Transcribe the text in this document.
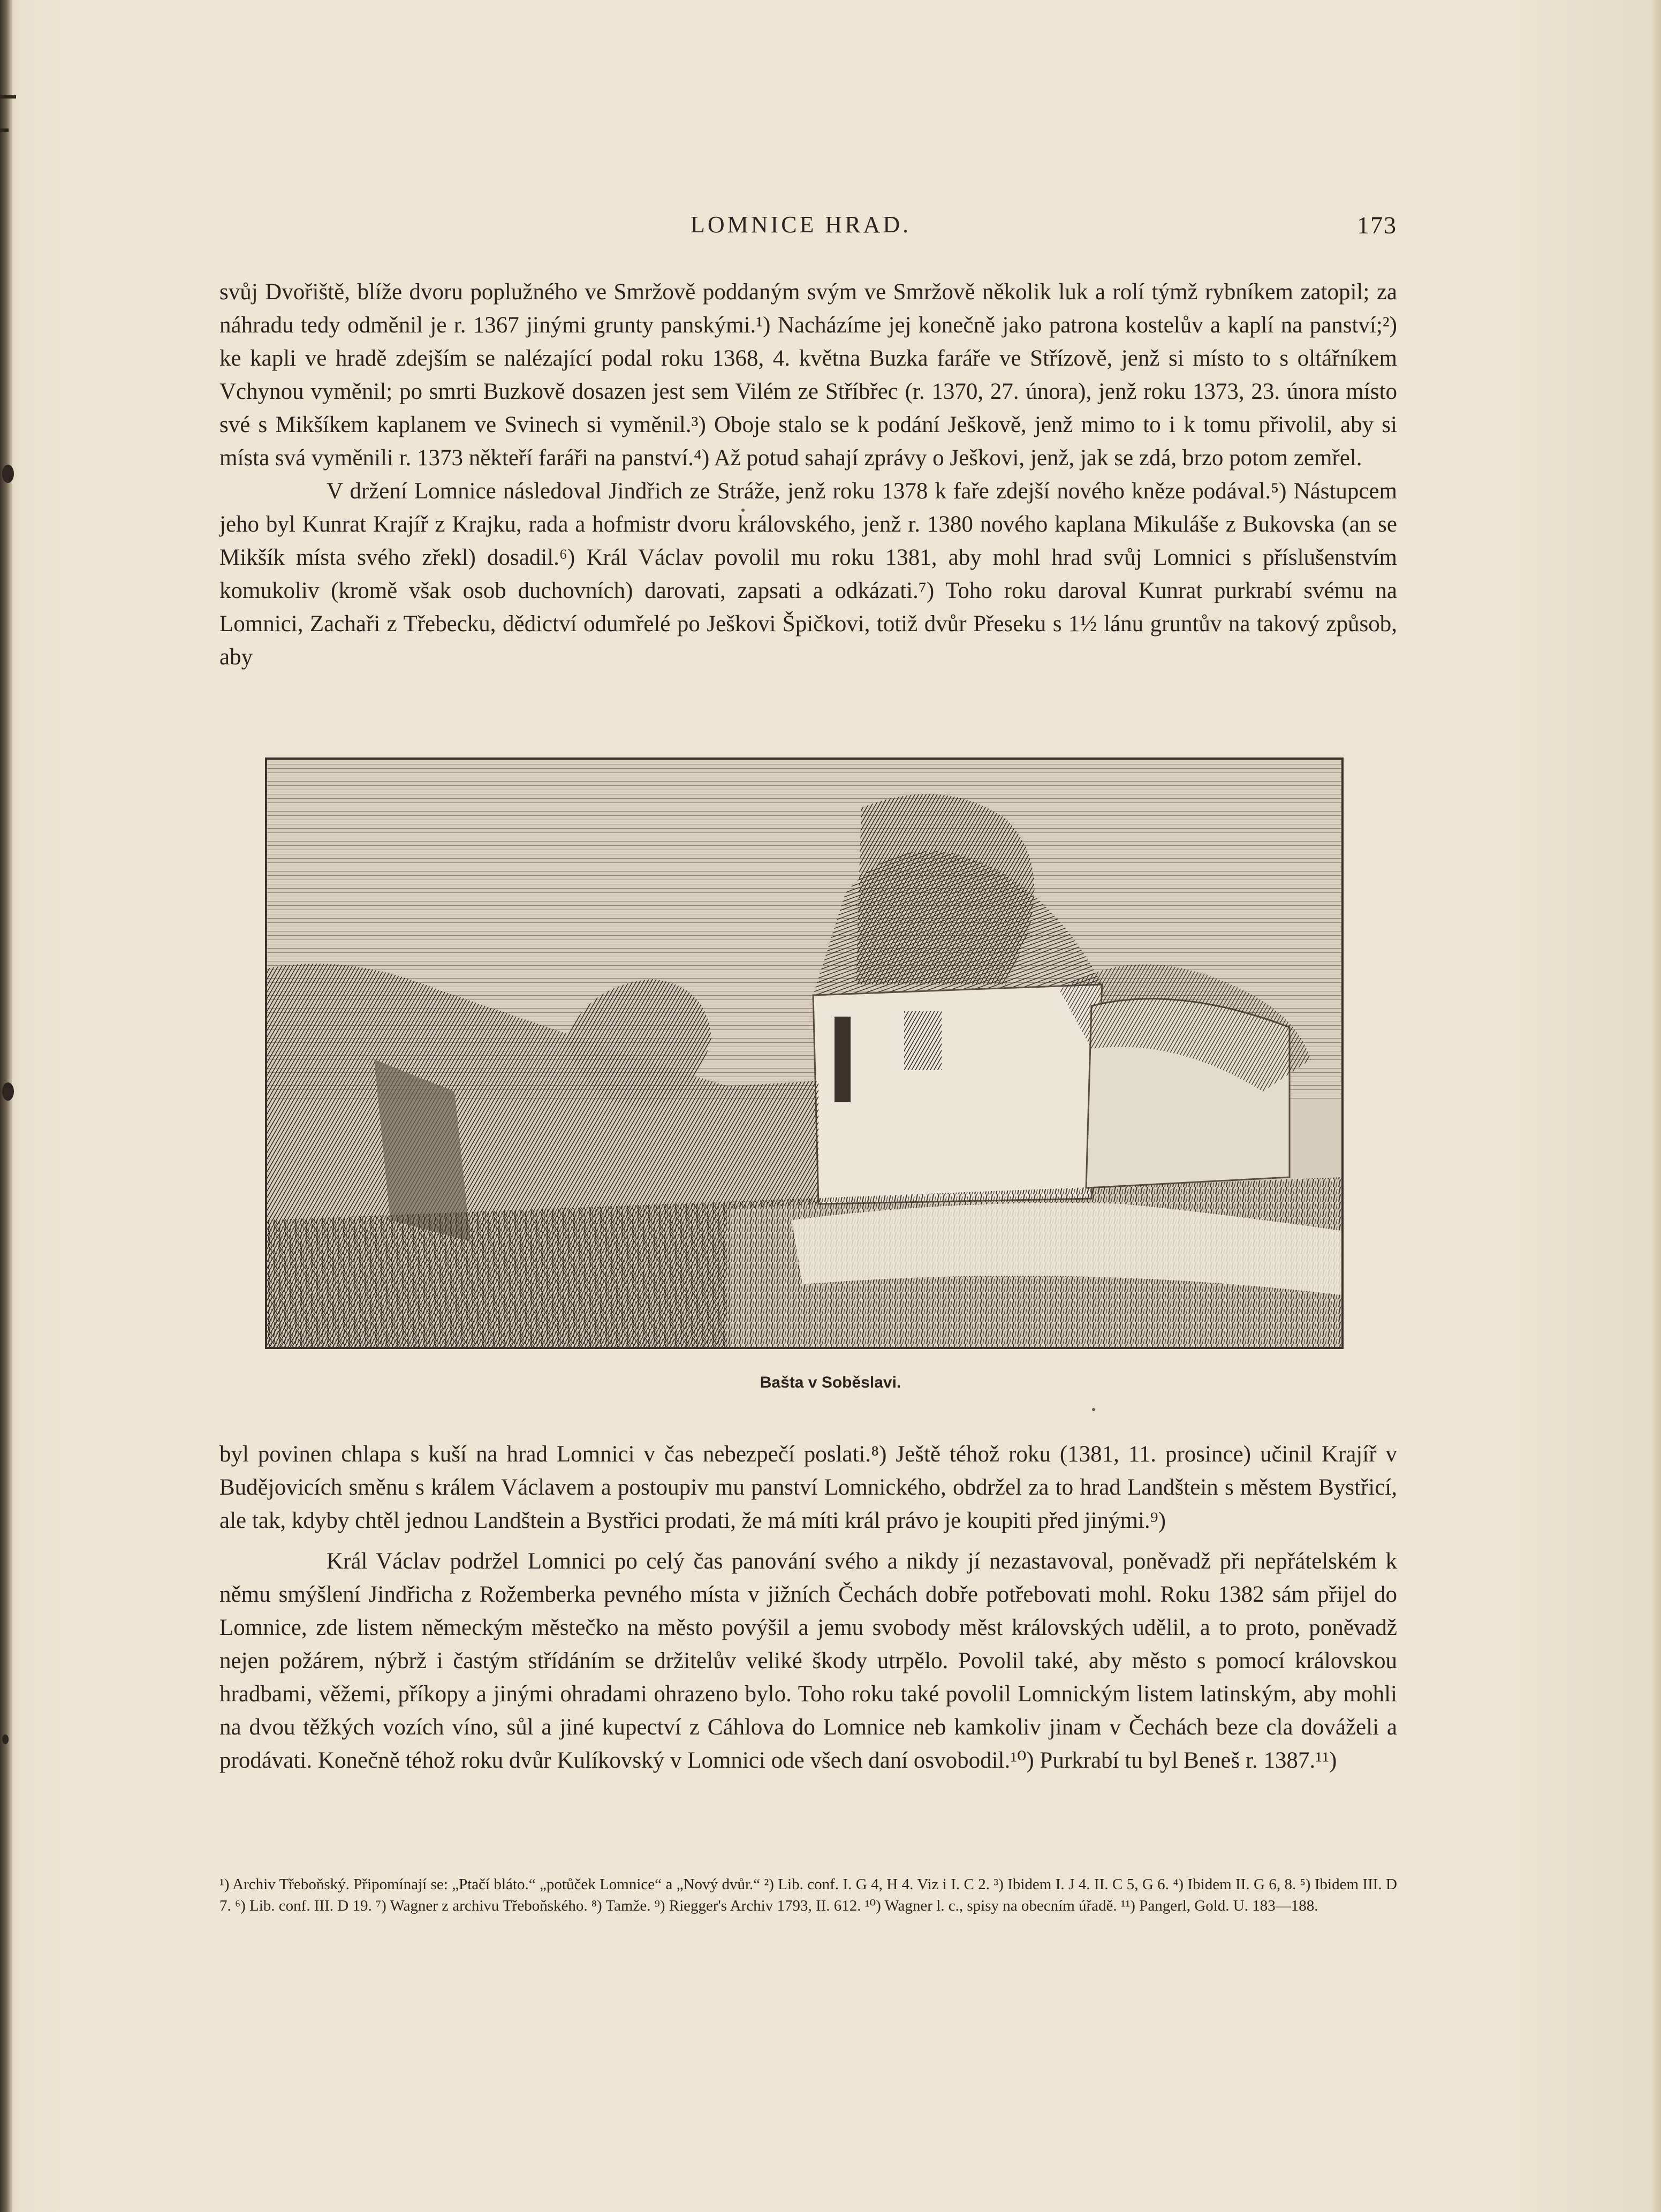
LOMNICE HRAD.	173

svůj Dvořiště, blíže dvoru poplužného ve Smržově poddaným svým ve Smržově několik luk a rolí týmž rybníkem zatopil; za náhradu tedy odměnil je r. 1367 jinými grunty panskými.¹) Nacházíme jej konečně jako patrona kostelův a kaplí na panství;²) ke kapli ve hradě zdejším se nalézající podal roku 1368, 4. května Buzka faráře ve Střízově, jenž si místo to s oltářníkem Vchynou vyměnil; po smrti Buzkově dosazen jest sem Vilém ze Stříbřec (r. 1370, 27. února), jenž roku 1373, 23. února místo své s Mikšíkem kaplanem ve Svinech si vyměnil.³) Oboje stalo se k podání Ješkově, jenž mimo to i k tomu přivolil, aby si místa svá vyměnili r. 1373 někteří faráři na panství.⁴) Až potud sahají zprávy o Ješkovi, jenž, jak se zdá, brzo potom zemřel.

V držení Lomnice následoval Jindřich ze Stráže, jenž roku 1378 k faře zdejší nového kněze podával.⁵) Nástupcem jeho byl Kunrat Krajíř z Krajku, rada a hofmistr dvoru královského, jenž r. 1380 nového kaplana Mikuláše z Bukovska (an se Mikšík místa svého zřekl) dosadil.⁶) Král Václav povolil mu roku 1381, aby mohl hrad svůj Lomnici s příslušenstvím komukoliv (kromě však osob duchovních) darovati, zapsati a odkázati.⁷) Toho roku daroval Kunrat purkrabí svému na Lomnici, Zachaři z Třebecku, dědictví odumřelé po Ješkovi Špičkovi, totiž dvůr Přeseku s 1½ lánu gruntův na takový způsob, aby

Bašta v Soběslavi.

byl povinen chlapa s kuší na hrad Lomnici v čas nebezpečí poslati.⁸) Ještě téhož roku (1381, 11. prosince) učinil Krajíř v Budějovicích směnu s králem Václavem a postoupiv mu panství Lomnického, obdržel za to hrad Landštein s městem Bystřicí, ale tak, kdyby chtěl jednou Landštein a Bystřici prodati, že má míti král právo je koupiti před jinými.⁹)

Král Václav podržel Lomnici po celý čas panování svého a nikdy jí nezastavoval, poněvadž při nepřátelském k němu smýšlení Jindřicha z Rožemberka pevného místa v jižních Čechách dobře potřebovati mohl. Roku 1382 sám přijel do Lomnice, zde listem německým městečko na město povýšil a jemu svobody měst královských udělil, a to proto, poněvadž nejen požárem, nýbrž i častým střídáním se držitelův veliké škody utrpělo. Povolil také, aby město s pomocí královskou hradbami, věžemi, příkopy a jinými ohradami ohrazeno bylo. Toho roku také povolil Lomnickým listem latinským, aby mohli na dvou těžkých vozích víno, sůl a jiné kupectví z Cáhlova do Lomnice neb kamkoliv jinam v Čechách beze cla dováželi a prodávati. Konečně téhož roku dvůr Kulíkovský v Lomnici ode všech daní osvobodil.¹⁰) Purkrabí tu byl Beneš r. 1387.¹¹)

¹) Archiv Třeboňský. Připomínají se: „Ptačí bláto.“ „potůček Lomnice“ a „Nový dvůr.“ ²) Lib. conf. I. G 4, H 4. Viz i I. C 2. ³) Ibidem I. J 4. II. C 5, G 6. ⁴) Ibidem II. G 6, 8. ⁵) Ibidem III. D 7. ⁶) Lib. conf. III. D 19. ⁷) Wagner z archivu Třeboňského. ⁸) Tamže. ⁹) Riegger's Archiv 1793, II. 612. ¹⁰) Wagner l. c., spisy na obecním úřadě. ¹¹) Pangerl, Gold. U. 183—188.
